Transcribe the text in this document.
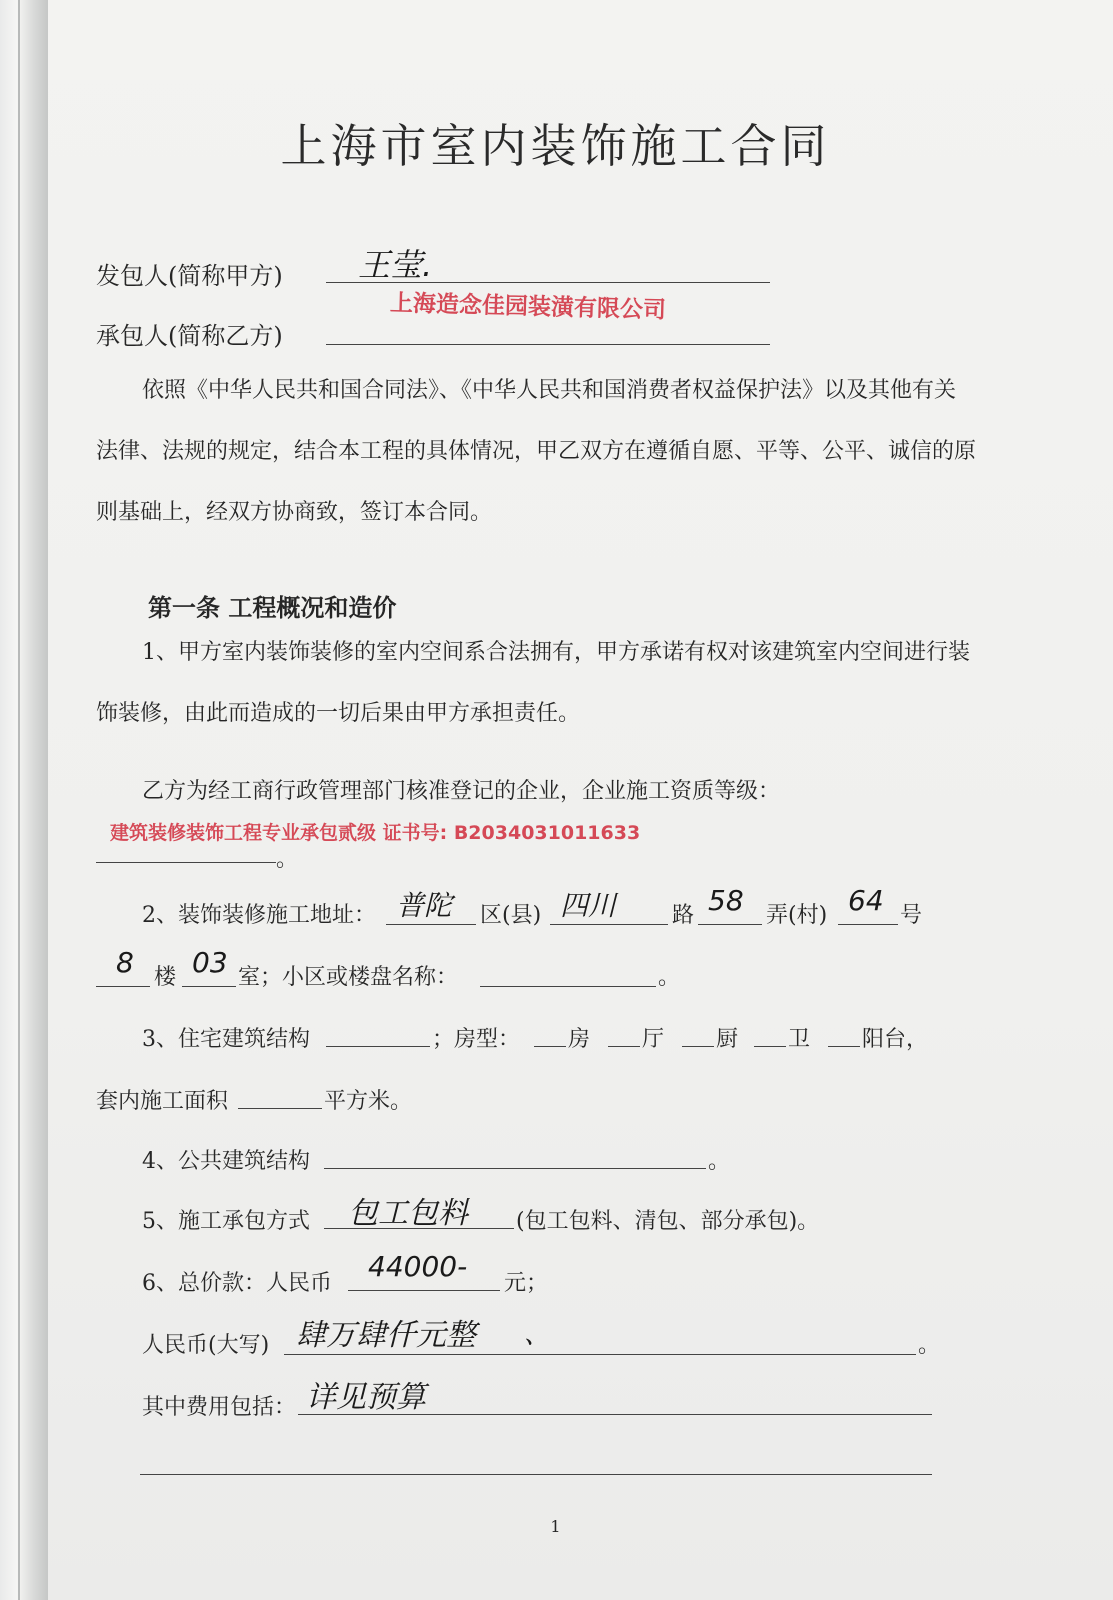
上海市室内装饰施工合同
发包人(简称甲方) 王莹.
承包人(简称乙方)
上海造念佳园装潢有限公司
依照《中华人民共和国合同法》、《中华人民共和国消费者权益保护法》以及其他有关法律、法规的规定，结合本工程的具体情况，甲乙双方在遵循自愿、平等、公平、诚信的原则基础上，经双方协商致，签订本合同。
第一条 工程概况和造价
1、甲方室内装饰装修的室内空间系合法拥有，甲方承诺有权对该建筑室内空间进行装饰装修，由此而造成的一切后果由甲方承担责任。
乙方为经工商行政管理部门核准登记的企业，企业施工资质等级：
建筑装修装饰工程专业承包贰级 证书号: B2034031011633
。
2、装饰装修施工地址： 普陀 区(县) 四川	路 58 弄(村) 64 号
8 楼 03 室；小区或楼盘名称：	。
3、住宅建筑结构	；房型： 房 厅 厨 卫 阳台，
套内施工面积	平方米。
4、公共建筑结构	。
5、施工承包方式 包工包料 (包工包料、清包、部分承包)。
6、总价款：人民币
44000-
元；
人民币(大写) 肆万肆仟元整 、	。
其中费用包括： 详见预算
1
